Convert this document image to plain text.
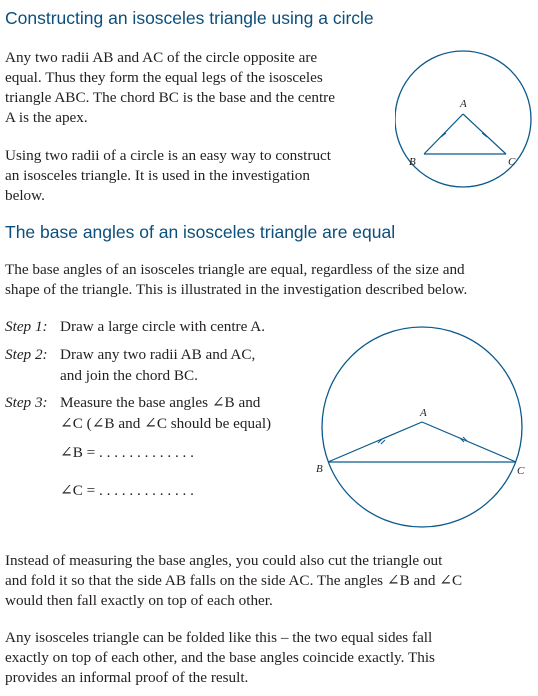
Constructing an isosceles triangle using a circle
Any two radii AB and AC of the circle opposite are
equal. Thus they form the equal legs of the isosceles
triangle ABC. The chord BC is the base and the centre
A is the apex.
Using two radii of a circle is an easy way to construct
an isosceles triangle. It is used in the investigation
below.
A
B	C
The base angles of an isosceles triangle are equal
The base angles of an isosceles triangle are equal, regardless of the size and
shape of the triangle. This is illustrated in the investigation described below.
Step 1: Draw a large circle with centre A.
Step 2: Draw any two radii AB and AC,
and join the chord BC.
Step 3: Measure the base angles ∠B and
∠C (∠B and ∠C should be equal)
∠B = . . . . . . . . . . . . .
∠C = . . . . . . . . . . . . .
A
B	C
Instead of measuring the base angles, you could also cut the triangle out
and fold it so that the side AB falls on the side AC. The angles ∠B and ∠C
would then fall exactly on top of each other.
Any isosceles triangle can be folded like this – the two equal sides fall
exactly on top of each other, and the base angles coincide exactly. This
provides an informal proof of the result.
